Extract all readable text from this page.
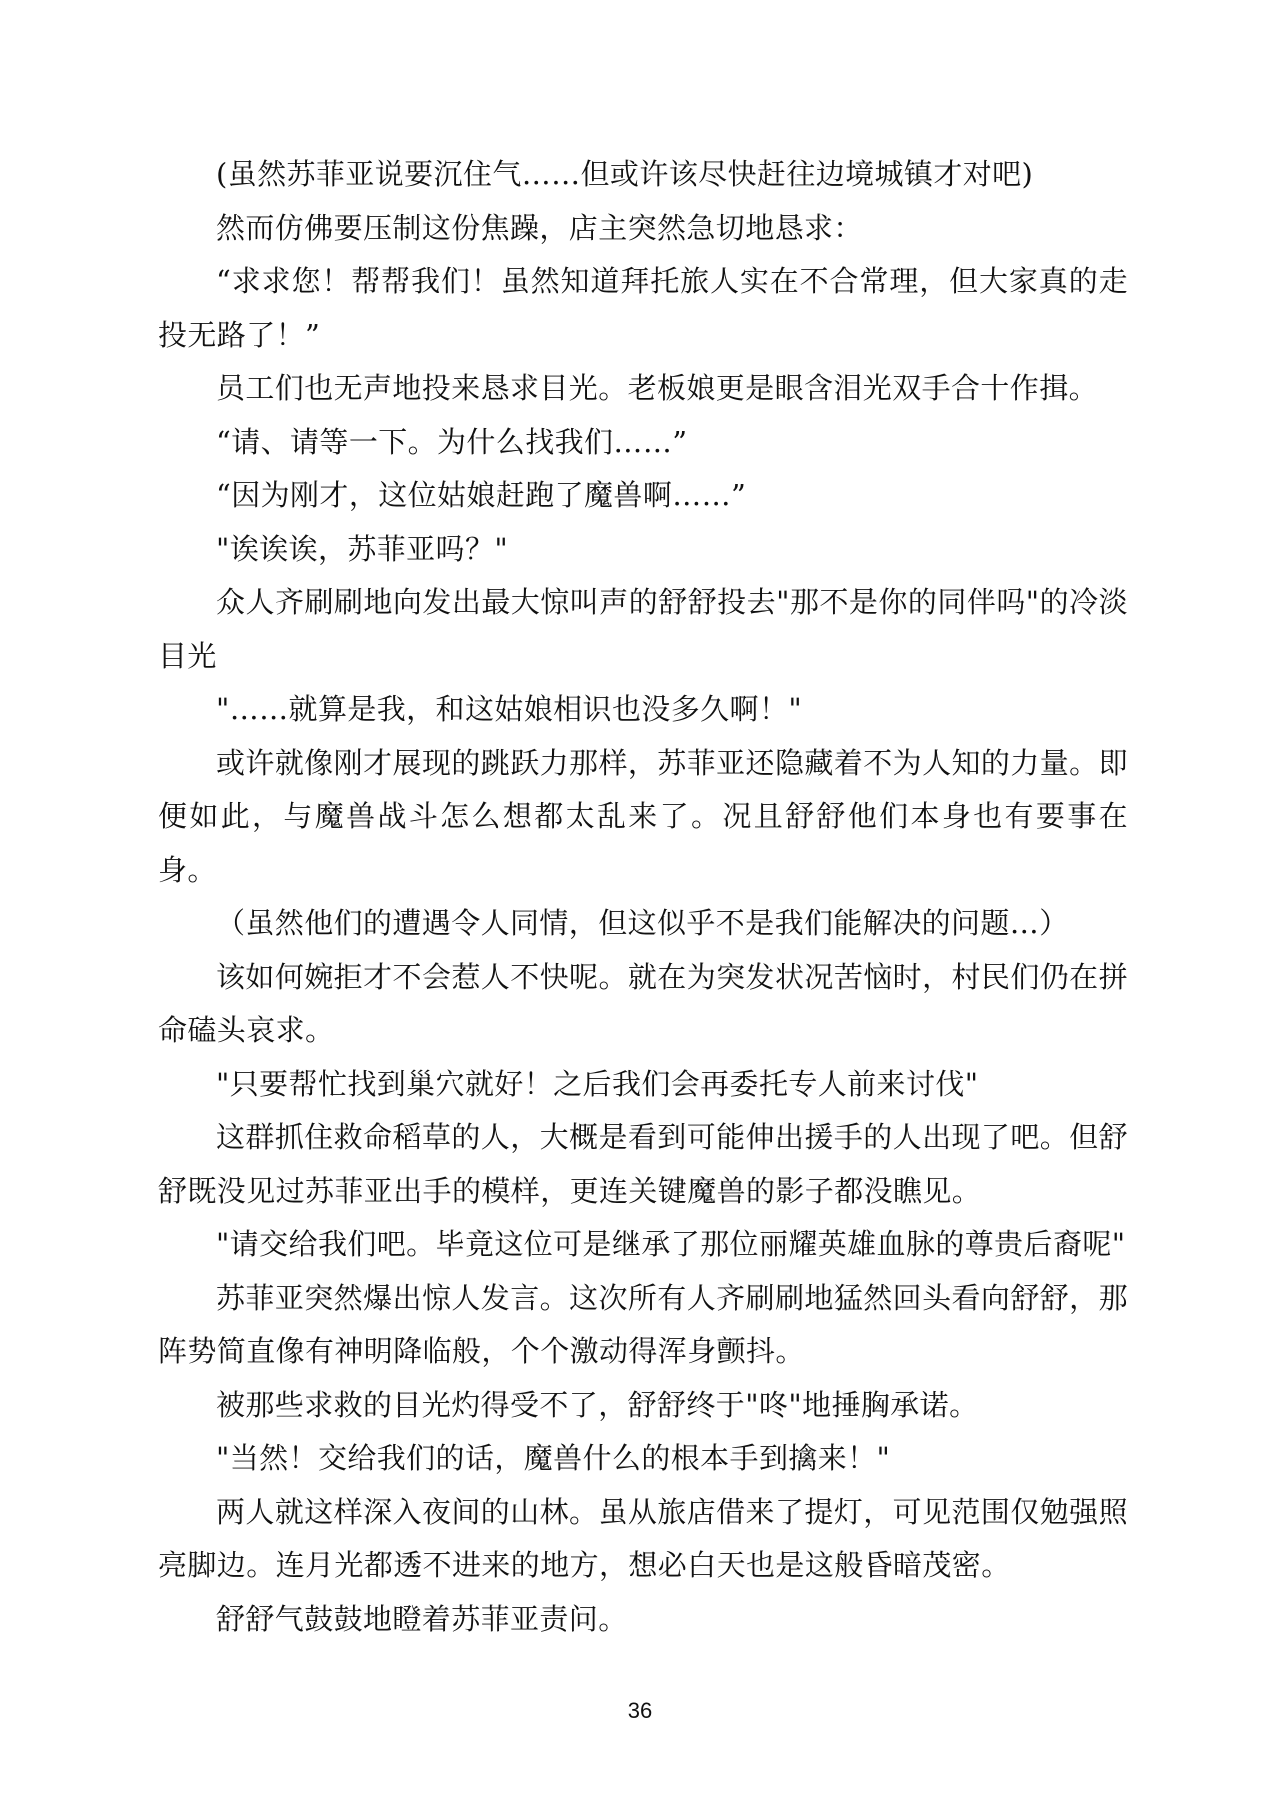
(虽然苏菲亚说要沉住气……但或许该尽快赶往边境城镇才对吧)

然而仿佛要压制这份焦躁，店主突然急切地恳求：

“求求您！帮帮我们！虽然知道拜托旅人实在不合常理，但大家真的走投无路了！”

员工们也无声地投来恳求目光。老板娘更是眼含泪光双手合十作揖。

“请、请等一下。为什么找我们……”

“因为刚才，这位姑娘赶跑了魔兽啊……”

"诶诶诶，苏菲亚吗？"

众人齐刷刷地向发出最大惊叫声的舒舒投去"那不是你的同伴吗"的冷淡目光

"……就算是我，和这姑娘相识也没多久啊！"

或许就像刚才展现的跳跃力那样，苏菲亚还隐藏着不为人知的力量。即便如此，与魔兽战斗怎么想都太乱来了。况且舒舒他们本身也有要事在身。

（虽然他们的遭遇令人同情，但这似乎不是我们能解决的问题…）

该如何婉拒才不会惹人不快呢。就在为突发状况苦恼时，村民们仍在拼命磕头哀求。

"只要帮忙找到巢穴就好！之后我们会再委托专人前来讨伐"

这群抓住救命稻草的人，大概是看到可能伸出援手的人出现了吧。但舒舒既没见过苏菲亚出手的模样，更连关键魔兽的影子都没瞧见。

"请交给我们吧。毕竟这位可是继承了那位丽耀英雄血脉的尊贵后裔呢"

苏菲亚突然爆出惊人发言。这次所有人齐刷刷地猛然回头看向舒舒，那阵势简直像有神明降临般，个个激动得浑身颤抖。

被那些求救的目光灼得受不了，舒舒终于"咚"地捶胸承诺。

"当然！交给我们的话，魔兽什么的根本手到擒来！"

两人就这样深入夜间的山林。虽从旅店借来了提灯，可见范围仅勉强照亮脚边。连月光都透不进来的地方，想必白天也是这般昏暗茂密。

舒舒气鼓鼓地瞪着苏菲亚责问。

36
